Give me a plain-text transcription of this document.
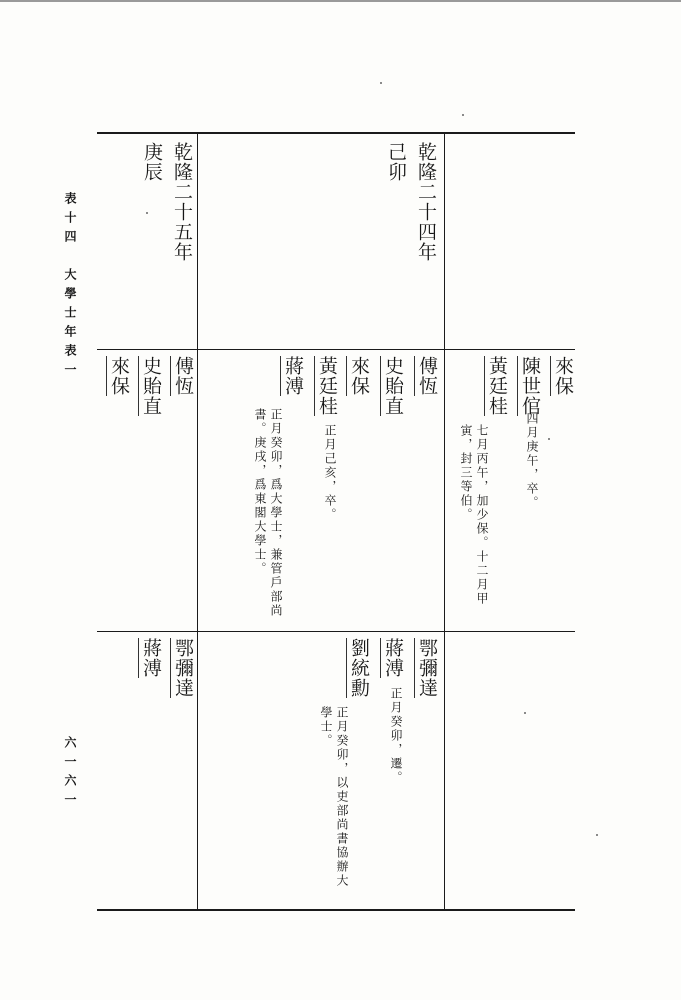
表十四　大學士年表一
六一六一
乾隆二十五年
庚辰
傅恆
史貽直
來保
鄂彌達
蔣溥
乾隆二十四年
己卯
傅恆
史貽直
來保
黃廷桂
正月己亥，卒。
蔣溥
正月癸卯，爲大學士，兼管戶部尚書。庚戌，爲東閣大學士。
鄂彌達
蔣溥
正月癸卯，遷。
劉統勳
正月癸卯，以吏部尚書協辦大學士。
來保
陳世倌
四月庚午，卒。
黃廷桂
七月丙午，加少保。十二月甲寅，封三等伯。
